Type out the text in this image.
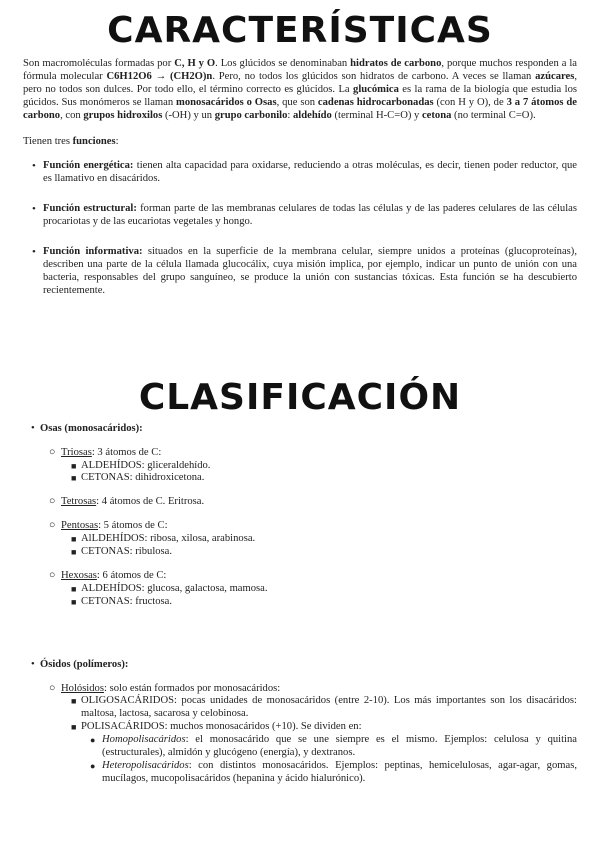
CARACTERÍSTICAS

Son macromoléculas formadas por C, H y O. Los glúcidos se denominaban hidratos de carbono, porque muchos responden a la fórmula molecular C6H12O6 → (CH2O)n. Pero, no todos los glúcidos son hidratos de carbono. A veces se llaman azúcares, pero no todos son dulces. Por todo ello, el término correcto es glúcidos. La glucómica es la rama de la biología que estudia los gúcidos. Sus monómeros se llaman monosacáridos o Osas, que son cadenas hidrocarbonadas (con H y O), de 3 a 7 átomos de carbono, con grupos hidroxilos (-OH) y un grupo carbonilo: aldehído (terminal H-C=O) y cetona (no terminal C=O).

Tienen tres funciones:

• Función energética: tienen alta capacidad para oxidarse, reduciendo a otras moléculas, es decir, tienen poder reductor, que es llamativo en disacáridos.
• Función estructural: forman parte de las membranas celulares de todas las células y de las paderes celulares de las células procariotas y de las eucariotas vegetales y hongo.
• Función informativa: situados en la superficie de la membrana celular, siempre unidos a proteínas (glucoproteínas), describen una parte de la célula llamada glucocálix, cuya misión implica, por ejemplo, indicar un punto de unión con una bacteria, responsables del grupo sanguíneo, se produce la unión con sustancias tóxicas. Esta función se ha descubierto recientemente.
CLASIFICACIÓN
• Osas (monosacáridos):
○ Triosas: 3 átomos de C:
■ ALDEHÍDOS: gliceraldehído.
■ CETONAS: dihidroxicetona.
○ Tetrosas: 4 átomos de C. Eritrosa.
○ Pentosas: 5 átomos de C:
■ AlLDEHÍDOS: ribosa, xilosa, arabinosa.
■ CETONAS: ribulosa.
○ Hexosas: 6 átomos de C:
■ ALDEHÍDOS: glucosa, galactosa, mamosa.
■ CETONAS: fructosa.
• Ósidos (polímeros):
○ Holósidos: solo están formados por monosacáridos:
■ OLIGOSACÁRIDOS: pocas unidades de monosacáridos (entre 2-10). Los más importantes son los disacáridos: maltosa, lactosa, sacarosa y celobinosa.
■ POLISACÁRIDOS: muchos monosacáridos (+10). Se dividen en:
● Homopolisacáridos: el monosacárido que se une siempre es el mismo. Ejemplos: celulosa y quitina (estructurales), almidón y glucógeno (energía), y dextranos.
● Heteropolisacáridos: con distintos monosacáridos. Ejemplos: peptinas, hemicelulosas, agar-agar, gomas, mucílagos, mucopolisacáridos (hepanina y ácido hialurónico).
